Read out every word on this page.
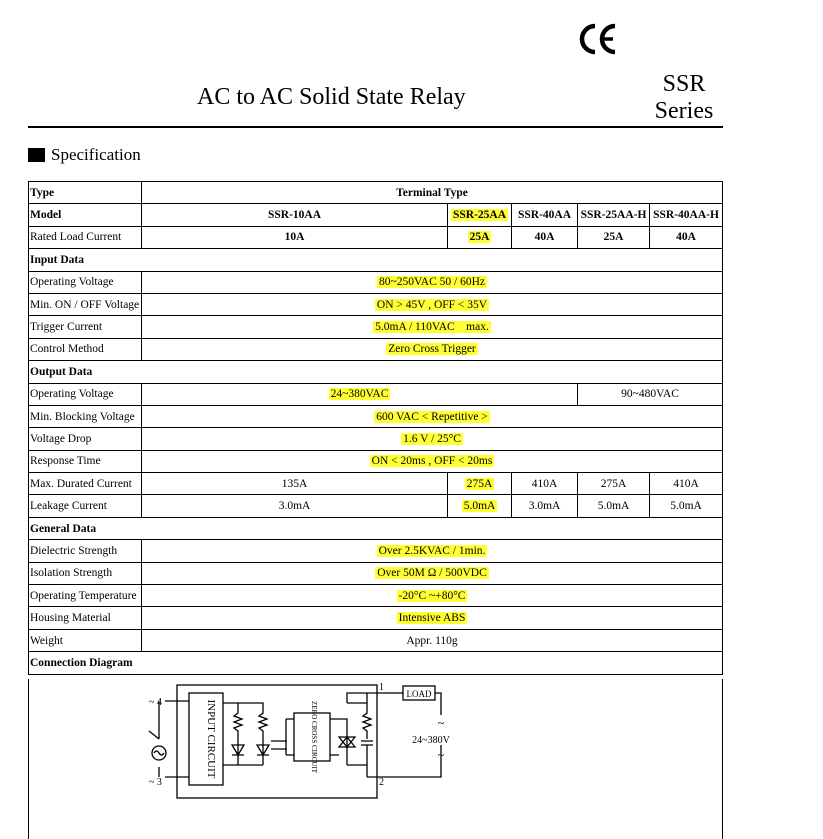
AC to AC Solid State Relay	SSR
Series
Specification
Type	Terminal Type				
Model	SSR-10AA	SSR-25AA	SSR-40AA	SSR-25AA-H	SSR-40AA-H
Rated Load Current	10A	25A	40A	25A	40A
Input Data					
Operating Voltage	80~250VAC 50 / 60Hz				
Min. ON / OFF Voltage	ON > 45V , OFF < 35V				
Trigger Current	5.0mA / 110VAC    max.				
Control Method	Zero Cross Trigger				
Output Data					
Operating Voltage	24~380VAC			90~480VAC	
Min. Blocking Voltage	600 VAC < Repetitive >				
Voltage Drop	1.6 V / 25°C				
Response Time	ON < 20ms , OFF < 20ms				
Max. Durated Current	135A	275A	410A	275A	410A
Leakage Current	3.0mA	5.0mA	3.0mA	5.0mA	5.0mA
General Data					
Dielectric Strength	Over 2.5KVAC / 1min.				
Isolation Strength	Over 50M Ω / 500VDC				
Operating Temperature	-20°C ~+80°C				
Housing Material	Intensive ABS				
Weight	Appr. 110g				
Connection Diagram					
INPUT CIRCUIT	ZERO CROSS CIRCUIT
LOAD
24~380V
~
~
1
2
~ 3
~ 4
